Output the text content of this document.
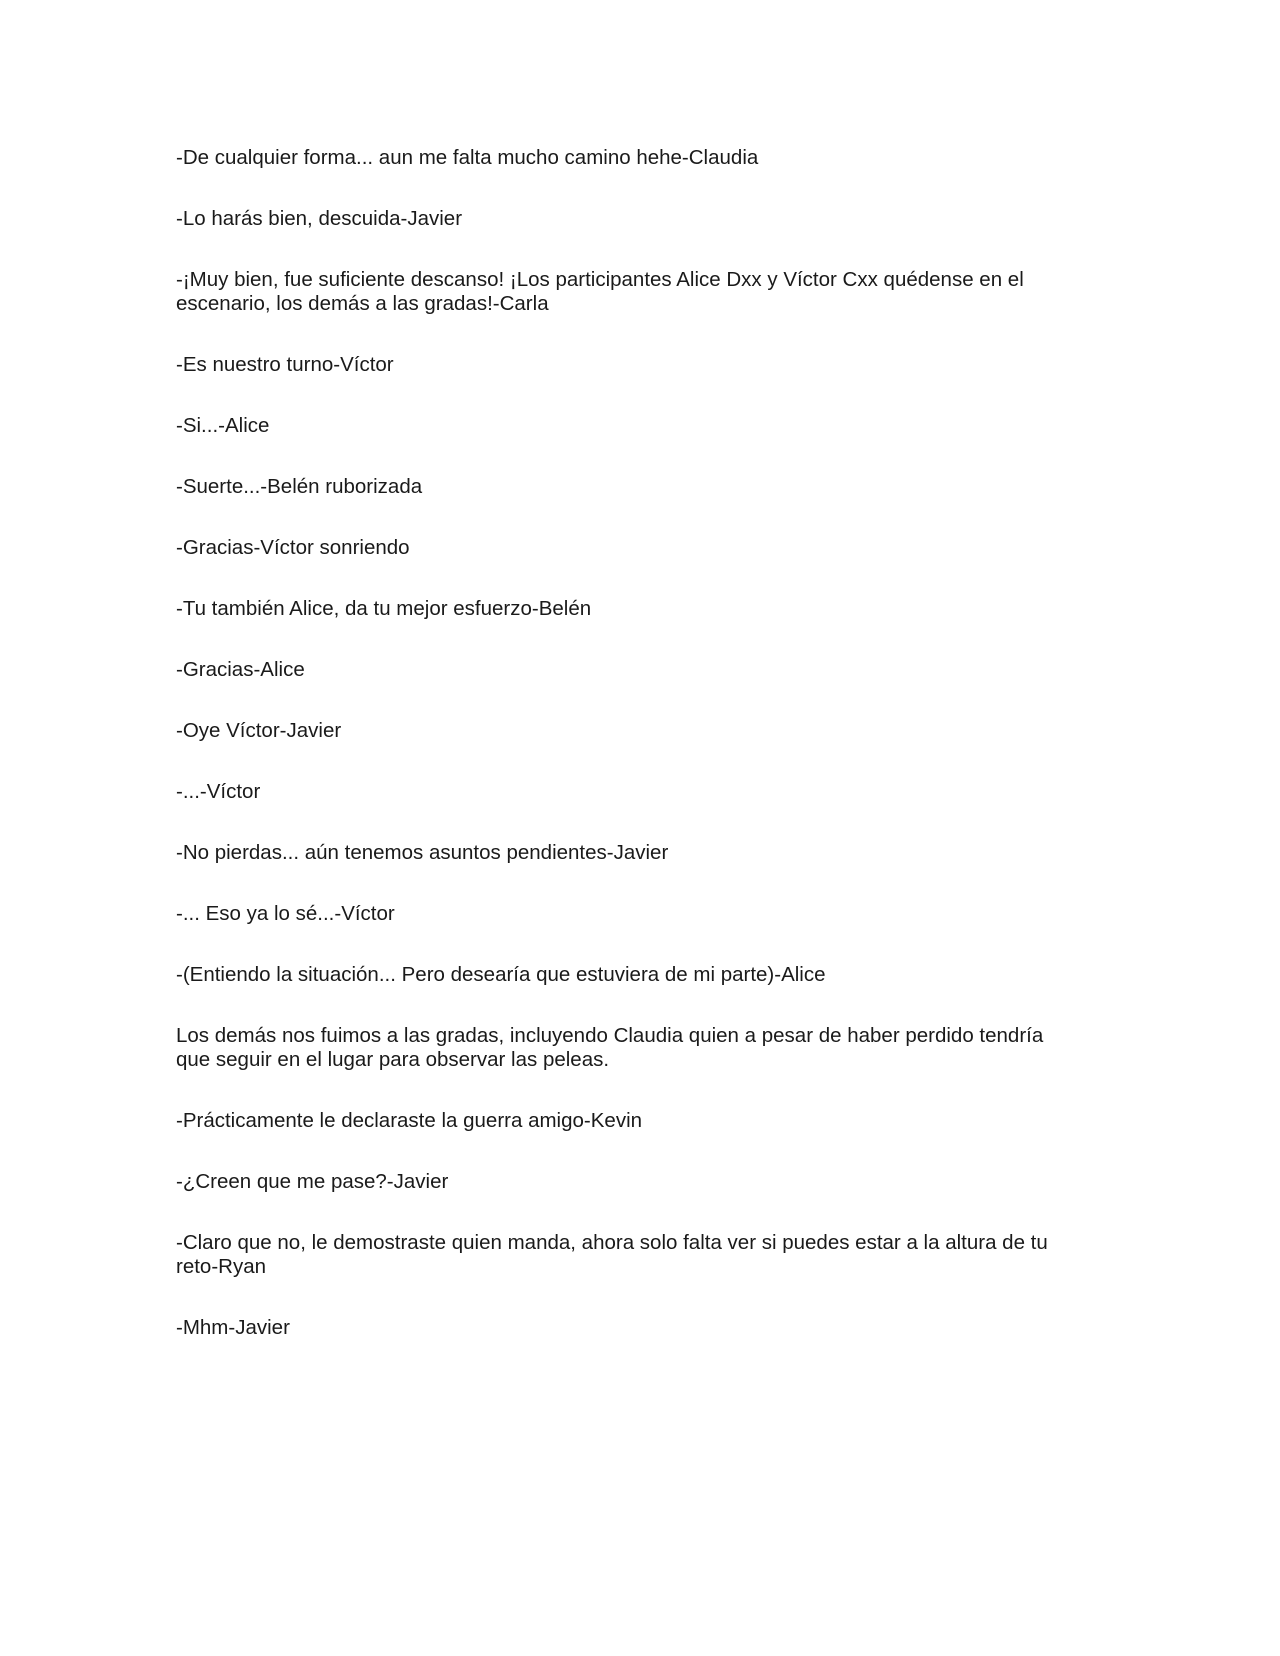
-De cualquier forma... aun me falta mucho camino hehe-Claudia

-Lo harás bien, descuida-Javier

-¡Muy bien, fue suficiente descanso! ¡Los participantes Alice Dxx y Víctor Cxx quédense en el escenario, los demás a las gradas!-Carla

-Es nuestro turno-Víctor

-Si...-Alice

-Suerte...-Belén ruborizada

-Gracias-Víctor sonriendo

-Tu también Alice, da tu mejor esfuerzo-Belén

-Gracias-Alice

-Oye Víctor-Javier

-...-Víctor

-No pierdas... aún tenemos asuntos pendientes-Javier

-... Eso ya lo sé...-Víctor

-(Entiendo la situación... Pero desearía que estuviera de mi parte)-Alice

Los demás nos fuimos a las gradas, incluyendo Claudia quien a pesar de haber perdido tendría que seguir en el lugar para observar las peleas.

-Prácticamente le declaraste la guerra amigo-Kevin

-¿Creen que me pase?-Javier

-Claro que no, le demostraste quien manda, ahora solo falta ver si puedes estar a la altura de tu reto-Ryan

-Mhm-Javier
